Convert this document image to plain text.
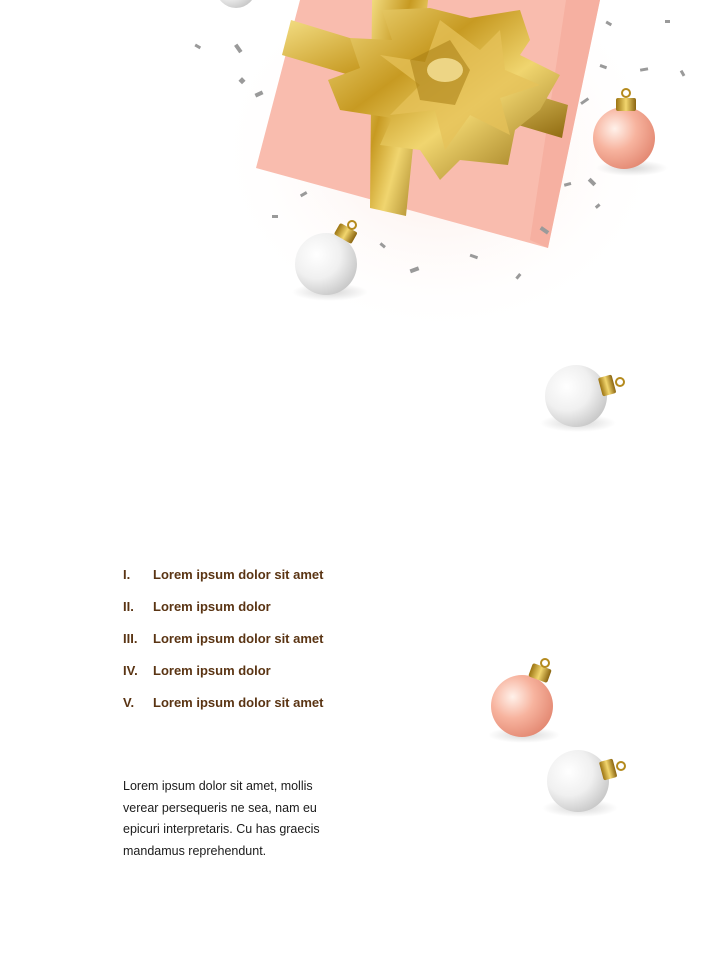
I.	Lorem ipsum dolor sit amet
II.	Lorem ipsum dolor
III.	Lorem ipsum dolor sit amet
IV.	Lorem ipsum dolor
V.	Lorem ipsum dolor sit amet

Lorem ipsum dolor sit amet, mollis verear persequeris ne sea, nam eu epicuri interpretaris. Cu has graecis mandamus reprehendunt.
